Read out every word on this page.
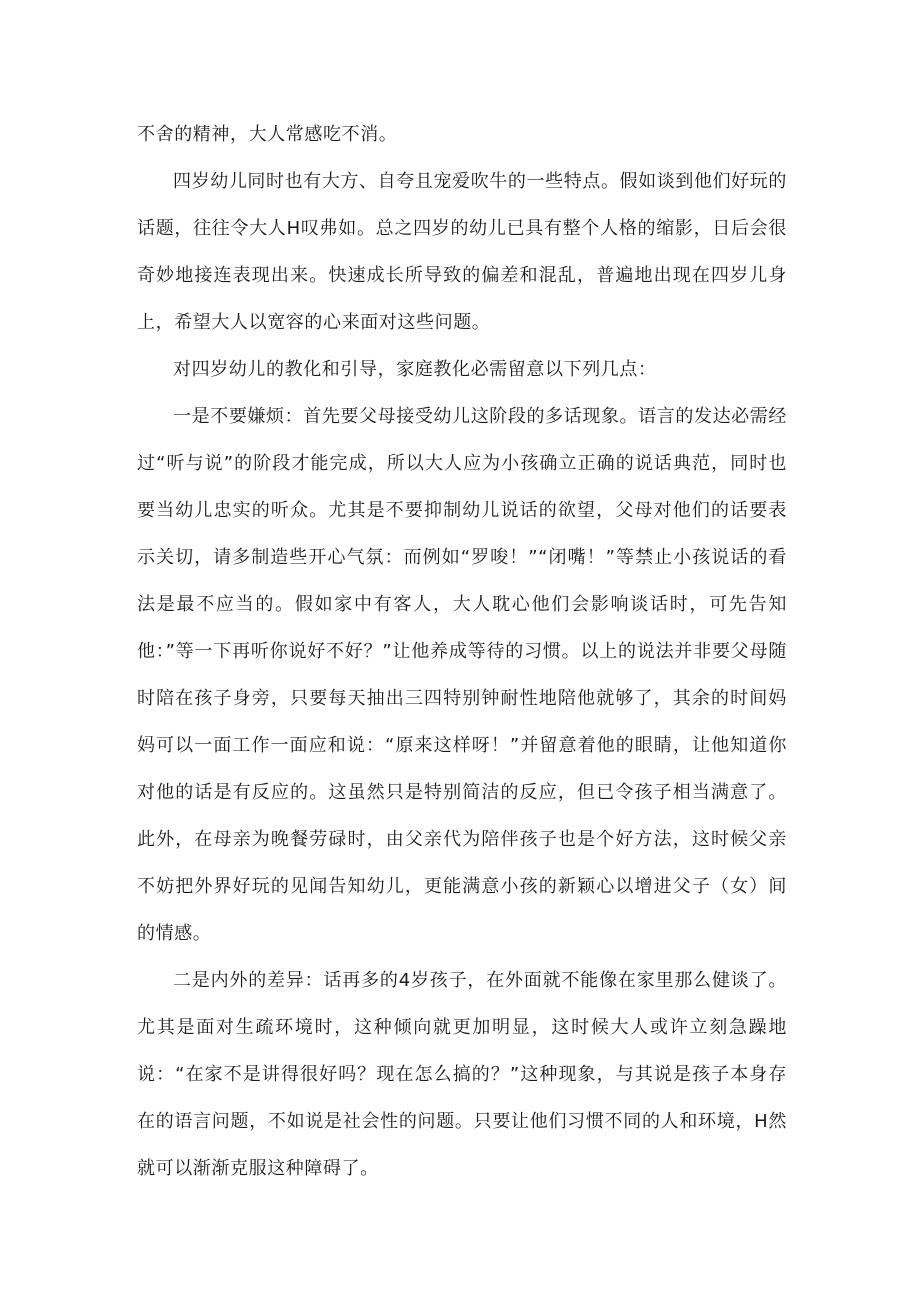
不舍的精神，大人常感吃不消。

四岁幼儿同时也有大方、自夸且宠爱吹牛的一些特点。假如谈到他们好玩的话题，往往令大人H叹弗如。总之四岁的幼儿已具有整个人格的缩影，日后会很奇妙地接连表现出来。快速成长所导致的偏差和混乱，普遍地出现在四岁儿身上，希望大人以宽容的心来面对这些问题。

对四岁幼儿的教化和引导，家庭教化必需留意以下列几点：

一是不要嫌烦：首先要父母接受幼儿这阶段的多话现象。语言的发达必需经过“听与说”的阶段才能完成，所以大人应为小孩确立正确的说话典范，同时也要当幼儿忠实的听众。尤其是不要抑制幼儿说话的欲望，父母对他们的话要表示关切，请多制造些开心气氛：而例如“罗唆！”“闭嘴！”等禁止小孩说话的看法是最不应当的。假如家中有客人，大人耽心他们会影响谈话时，可先告知他：”等一下再听你说好不好？”让他养成等待的习惯。以上的说法并非要父母随时陪在孩子身旁，只要每天抽出三四特别钟耐性地陪他就够了，其余的时间妈妈可以一面工作一面应和说：“原来这样呀！”并留意着他的眼睛，让他知道你对他的话是有反应的。这虽然只是特别简洁的反应，但已令孩子相当满意了。此外，在母亲为晚餐劳碌时，由父亲代为陪伴孩子也是个好方法，这时候父亲不妨把外界好玩的见闻告知幼儿，更能满意小孩的新颖心以增进父子（女）间的情感。

二是内外的差异：话再多的4岁孩子，在外面就不能像在家里那么健谈了。尤其是面对生疏环境时，这种倾向就更加明显，这时候大人或许立刻急躁地说：“在家不是讲得很好吗？现在怎么搞的？”这种现象，与其说是孩子本身存在的语言问题，不如说是社会性的问题。只要让他们习惯不同的人和环境，H然就可以渐渐克服这种障碍了。
